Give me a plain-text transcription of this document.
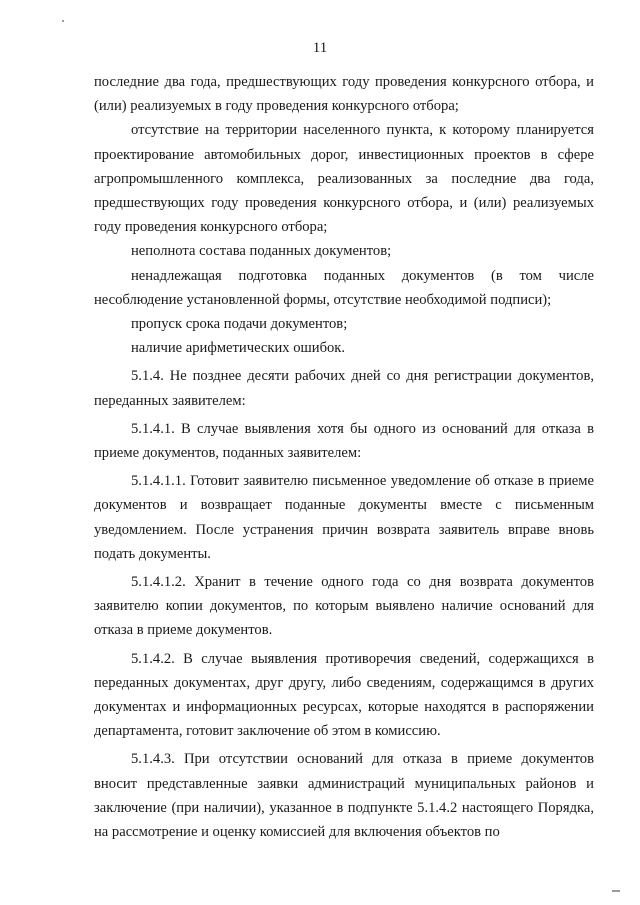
11

последние два года, предшествующих году проведения конкурсного отбора, и (или) реализуемых в году проведения конкурсного отбора;

отсутствие на территории населенного пункта, к которому планируется проектирование автомобильных дорог, инвестиционных проектов в сфере агропромышленного комплекса, реализованных за последние два года, предшествующих году проведения конкурсного отбора, и (или) реализуемых году проведения конкурсного отбора;

неполнота состава поданных документов;

ненадлежащая подготовка поданных документов (в том числе несоблюдение установленной формы, отсутствие необходимой подписи);

пропуск срока подачи документов;

наличие арифметических ошибок.

5.1.4. Не позднее десяти рабочих дней со дня регистрации документов, переданных заявителем:

5.1.4.1. В случае выявления хотя бы одного из оснований для отказа в приеме документов, поданных заявителем:

5.1.4.1.1. Готовит заявителю письменное уведомление об отказе в приеме документов и возвращает поданные документы вместе с письменным уведомлением. После устранения причин возврата заявитель вправе вновь подать документы.

5.1.4.1.2. Хранит в течение одного года со дня возврата документов заявителю копии документов, по которым выявлено наличие оснований для отказа в приеме документов.

5.1.4.2. В случае выявления противоречия сведений, содержащихся в переданных документах, друг другу, либо сведениям, содержащимся в других документах и информационных ресурсах, которые находятся в распоряжении департамента, готовит заключение об этом в комиссию.

5.1.4.3. При отсутствии оснований для отказа в приеме документов вносит представленные заявки администраций муниципальных районов и заключение (при наличии), указанное в подпункте 5.1.4.2 настоящего Порядка, на рассмотрение и оценку комиссией для включения объектов по
